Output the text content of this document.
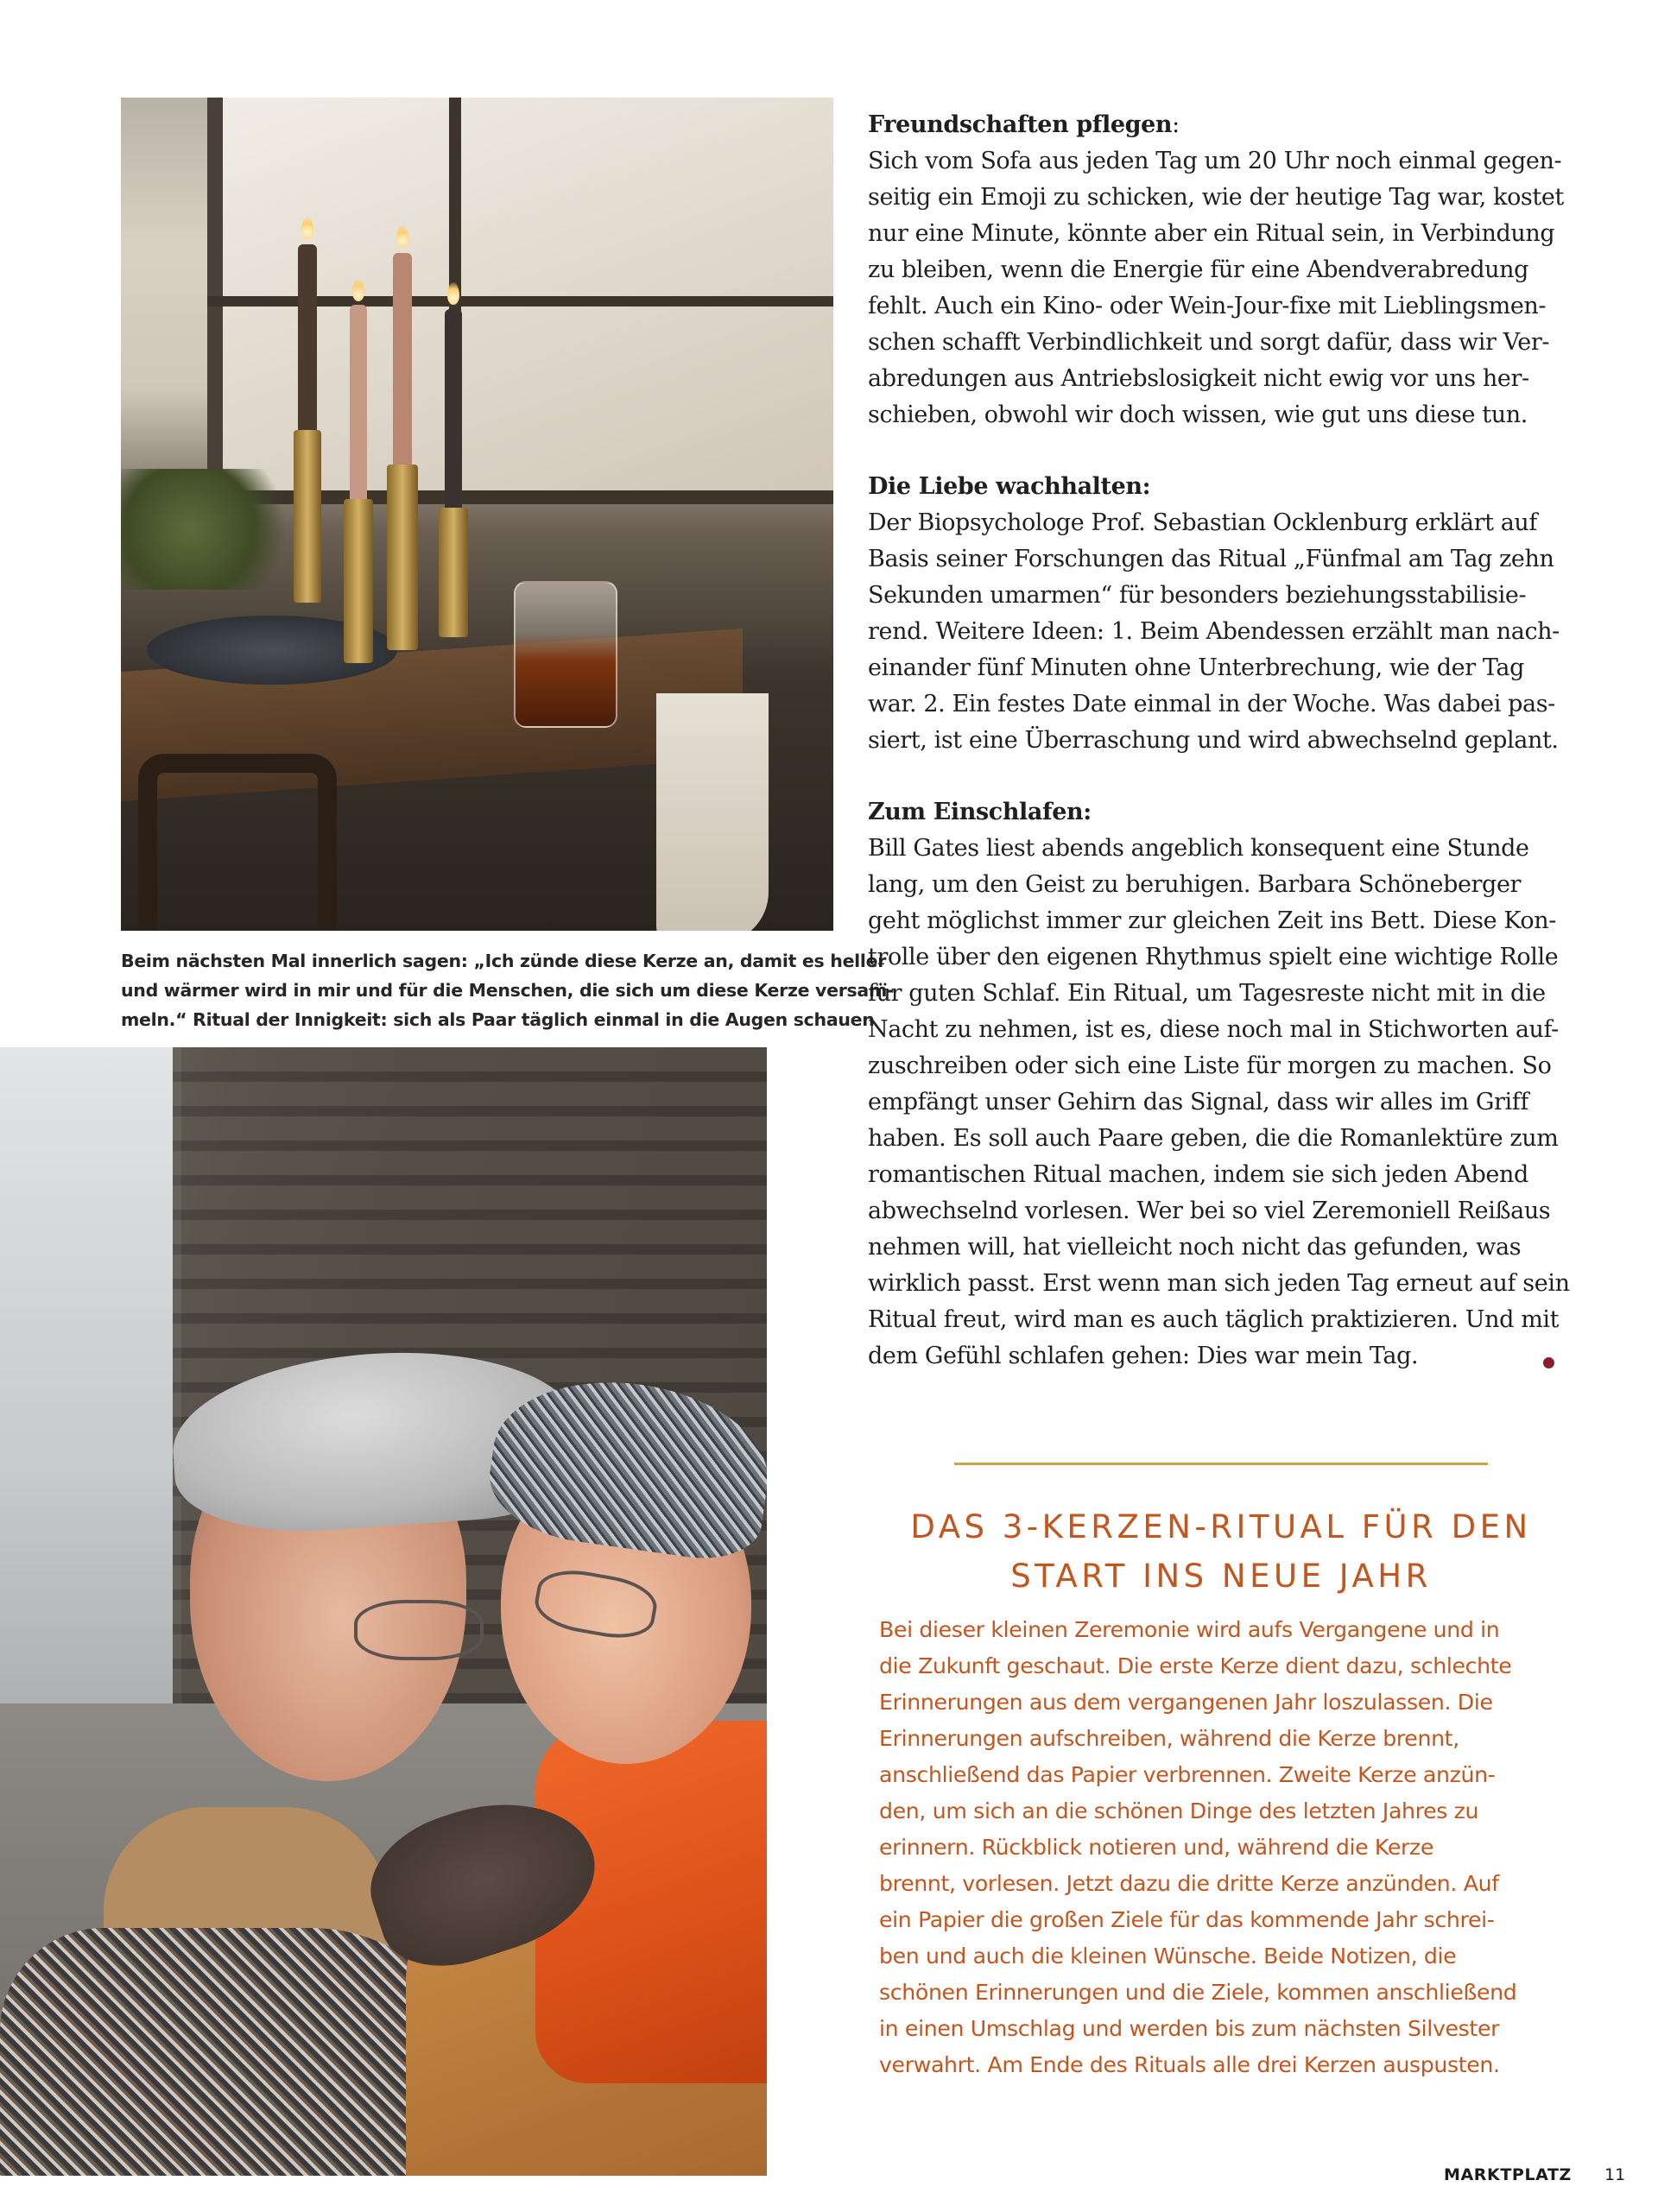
Beim nächsten Mal innerlich sagen: „Ich zünde diese Kerze an, damit es heller
und wärmer wird in mir und für die Menschen, die sich um diese Kerze versam-
meln.“ Ritual der Innigkeit: sich als Paar täglich einmal in die Augen schauen
Freundschaften pflegen:
Sich vom Sofa aus jeden Tag um 20 Uhr noch einmal gegen-
seitig ein Emoji zu schicken, wie der heutige Tag war, kostet
nur eine Minute, könnte aber ein Ritual sein, in Verbindung
zu bleiben, wenn die Energie für eine Abendverabredung
fehlt. Auch ein Kino- oder Wein-Jour-fixe mit Lieblingsmen-
schen schafft Verbindlichkeit und sorgt dafür, dass wir Ver-
abredungen aus Antriebslosigkeit nicht ewig vor uns her-
schieben, obwohl wir doch wissen, wie gut uns diese tun.
Die Liebe wachhalten:
Der Biopsychologe Prof. Sebastian Ocklenburg erklärt auf
Basis seiner Forschungen das Ritual „Fünfmal am Tag zehn
Sekunden umarmen“ für besonders beziehungsstabilisie-
rend. Weitere Ideen: 1. Beim Abendessen erzählt man nach-
einander fünf Minuten ohne Unterbrechung, wie der Tag
war. 2. Ein festes Date einmal in der Woche. Was dabei pas-
siert, ist eine Überraschung und wird abwechselnd geplant.
Zum Einschlafen:
Bill Gates liest abends angeblich konsequent eine Stunde
lang, um den Geist zu beruhigen. Barbara Schöneberger
geht möglichst immer zur gleichen Zeit ins Bett. Diese Kon-
trolle über den eigenen Rhythmus spielt eine wichtige Rolle
für guten Schlaf. Ein Ritual, um Tagesreste nicht mit in die
Nacht zu nehmen, ist es, diese noch mal in Stichworten auf-
zuschreiben oder sich eine Liste für morgen zu machen. So
empfängt unser Gehirn das Signal, dass wir alles im Griff
haben. Es soll auch Paare geben, die die Romanlektüre zum
romantischen Ritual machen, indem sie sich jeden Abend
abwechselnd vorlesen. Wer bei so viel Zeremoniell Reißaus
nehmen will, hat vielleicht noch nicht das gefunden, was
wirklich passt. Erst wenn man sich jeden Tag erneut auf sein
Ritual freut, wird man es auch täglich praktizieren. Und mit
dem Gefühl schlafen gehen: Dies war mein Tag.
DAS 3-KERZEN-RITUAL FÜR DEN
START INS NEUE JAHR
Bei dieser kleinen Zeremonie wird aufs Vergangene und in
die Zukunft geschaut. Die erste Kerze dient dazu, schlechte
Erinnerungen aus dem vergangenen Jahr loszulassen. Die
Erinnerungen aufschreiben, während die Kerze brennt,
anschließend das Papier verbrennen. Zweite Kerze anzün-
den, um sich an die schönen Dinge des letzten Jahres zu
erinnern. Rückblick notieren und, während die Kerze
brennt, vorlesen. Jetzt dazu die dritte Kerze anzünden. Auf
ein Papier die großen Ziele für das kommende Jahr schrei-
ben und auch die kleinen Wünsche. Beide Notizen, die
schönen Erinnerungen und die Ziele, kommen anschließend
in einen Umschlag und werden bis zum nächsten Silvester
verwahrt. Am Ende des Rituals alle drei Kerzen auspusten.
MARKTPLATZ 11
